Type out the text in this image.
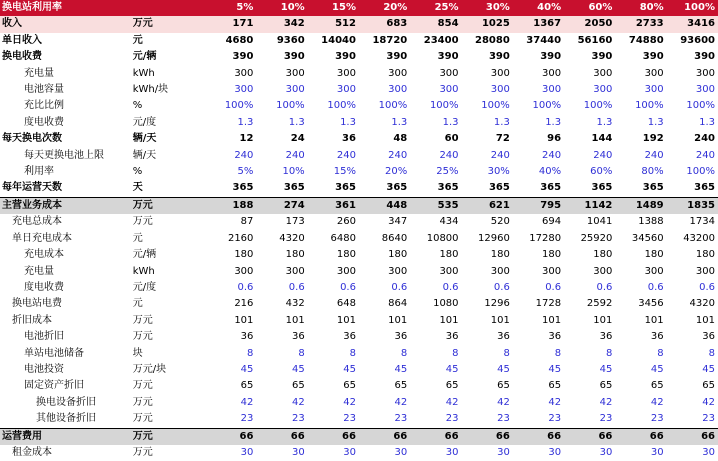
换电站利用率		5%	10%	15%	20%	25%	30%	40%	60%	80%	100%
收入	万元	171	342	512	683	854	1025	1367	2050	2733	3416
单日收入	元	4680	9360	14040	18720	23400	28080	37440	56160	74880	93600
换电收费	元/辆	390	390	390	390	390	390	390	390	390	390
充电量	kWh	300	300	300	300	300	300	300	300	300	300
电池容量	kWh/块	300	300	300	300	300	300	300	300	300	300
充比比例	%	100%	100%	100%	100%	100%	100%	100%	100%	100%	100%
度电收费	元/度	1.3	1.3	1.3	1.3	1.3	1.3	1.3	1.3	1.3	1.3
每天换电次数	辆/天	12	24	36	48	60	72	96	144	192	240
每天更换电池上限	辆/天	240	240	240	240	240	240	240	240	240	240
利用率	%	5%	10%	15%	20%	25%	30%	40%	60%	80%	100%
每年运营天数	天	365	365	365	365	365	365	365	365	365	365
主营业务成本	万元	188	274	361	448	535	621	795	1142	1489	1835
充电总成本	万元	87	173	260	347	434	520	694	1041	1388	1734
单日充电成本	元	2160	4320	6480	8640	10800	12960	17280	25920	34560	43200
充电成本	元/辆	180	180	180	180	180	180	180	180	180	180
充电量	kWh	300	300	300	300	300	300	300	300	300	300
度电收费	元/度	0.6	0.6	0.6	0.6	0.6	0.6	0.6	0.6	0.6	0.6
换电站电费	元	216	432	648	864	1080	1296	1728	2592	3456	4320
折旧成本	万元	101	101	101	101	101	101	101	101	101	101
电池折旧	万元	36	36	36	36	36	36	36	36	36	36
单站电池储备	块	8	8	8	8	8	8	8	8	8	8
电池投资	万元/块	45	45	45	45	45	45	45	45	45	45
固定资产折旧	万元	65	65	65	65	65	65	65	65	65	65
换电设备折旧	万元	42	42	42	42	42	42	42	42	42	42
其他设备折旧	万元	23	23	23	23	23	23	23	23	23	23
运营费用	万元	66	66	66	66	66	66	66	66	66	66
租金成本	万元	30	30	30	30	30	30	30	30	30	30
